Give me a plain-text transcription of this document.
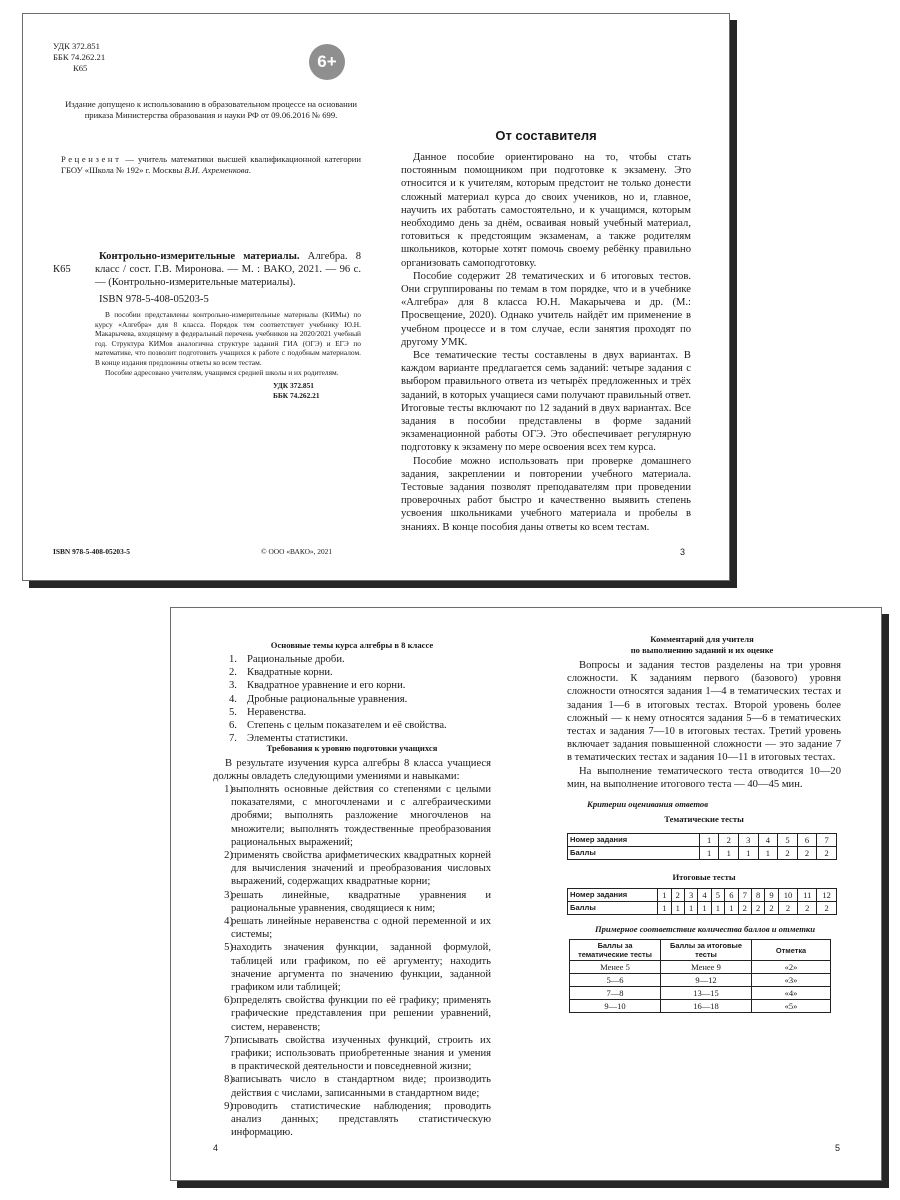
УДК 372.851
ББК 74.262.21
К65	6+
Издание допущено к использованию в образовательном процессе на основании приказа Министерства образования и науки РФ от 09.06.2016 № 699.
Рецензент — учитель математики высшей квалификационной категории ГБОУ «Школа № 192» г. Москвы В.И. Ахременкова.
Контрольно-измерительные материалы. Алгебра. 8 класс / сост. Г.В. Миронова. — М. : ВАКО, 2021. — 96 с. — (Контрольно-измерительные материалы).
К65
ISBN 978-5-408-05203-5

В пособии представлены контрольно-измерительные материалы (КИМы) по курсу «Алгебра» для 8 класса. Порядок тем соответствует учебнику Ю.Н. Макарычева, входящему в федеральный перечень учебников на 2020/2021 учебный год. Структура КИМов аналогична структуре заданий ГИА (ОГЭ) и ЕГЭ по математике, что позволит подготовить учащихся к работе с подобным материалом. В конце издания предложены ответы ко всем тестам.

Пособие адресовано учителям, учащимся средней школы и их родителям.

УДК 372.851
ББК 74.262.21
ISBN 978-5-408-05203-5	© ООО «ВАКО», 2021
От составителя

Данное пособие ориентировано на то, чтобы стать постоянным помощником при подготовке к экзамену. Это относится и к учителям, которым предстоит не только донести сложный материал курса до своих учеников, но и, главное, научить их работать самостоятельно, и к учащимся, которым необходимо день за днём, осваивая новый учебный материал, готовиться к предстоящим экзаменам, а также родителям школьников, которые хотят помочь своему ребёнку правильно организовать самоподготовку.

Пособие содержит 28 тематических и 6 итоговых тестов. Они сгруппированы по темам в том порядке, что и в учебнике «Алгебра» для 8 класса Ю.Н. Макарычева и др. (М.: Просвещение, 2020). Однако учитель найдёт им применение в учебном процессе и в том случае, если занятия проходят по другому УМК.

Все тематические тесты составлены в двух вариантах. В каждом варианте предлагается семь заданий: четыре задания с выбором правильного ответа из четырёх предложенных и трёх заданий, в которых учащиеся сами получают правильный ответ. Итоговые тесты включают по 12 заданий в двух вариантах. Все задания в пособии представлены в форме заданий экзаменационной работы ОГЭ. Это обеспечивает регулярную подготовку к экзамену по мере освоения всех тем курса.

Пособие можно использовать при проверке домашнего задания, закреплении и повторении учебного материала. Тестовые задания позволят преподавателям при проведении проверочных работ быстро и качественно выявить степень усвоения школьниками учебного материала и пробелы в знаниях. В конце пособия даны ответы ко всем тестам.

3
Основные темы курса алгебры в 8 классе
1. Рациональные дроби.
2. Квадратные корни.
3. Квадратное уравнение и его корни.
4. Дробные рациональные уравнения.
5. Неравенства.
6. Степень с целым показателем и её свойства.
7. Элементы статистики.
Требования к уровню подготовки учащихся
В результате изучения курса алгебры 8 класса учащиеся должны овладеть следующими умениями и навыками:
1)
выполнять основные действия со степенями с целыми показателями, с многочленами и с алгебраическими дробями; выполнять разложение многочленов на множители; выполнять тождественные преобразования рациональных выражений;
2)
применять свойства арифметических квадратных корней для вычисления значений и преобразования числовых выражений, содержащих квадратные корни;
3)
решать линейные, квадратные уравнения и рациональные уравнения, сводящиеся к ним;
4)
решать линейные неравенства с одной переменной и их системы;
5)
находить значения функции, заданной формулой, таблицей или графиком, по её аргументу; находить значение аргумента по значению функции, заданной графиком или таблицей;
6)
определять свойства функции по её графику; применять графические представления при решении уравнений, систем, неравенств;
7)
описывать свойства изученных функций, строить их графики; использовать приобретенные знания и умения в практической деятельности и повседневной жизни;
8)
записывать число в стандартном виде; производить действия с числами, записанными в стандартном виде;
9)
проводить статистические наблюдения; проводить анализ данных; представлять статистическую информацию.
4
Комментарий для учителя
по выполнению заданий и их оценке

Вопросы и задания тестов разделены на три уровня сложности. К заданиям первого (базового) уровня сложности относятся задания 1—4 в тематических тестах и задания 1—6 в итоговых тестах. Второй уровень более сложный — к нему относятся задания 5—6 в тематических тестах и задания 7—10 в итоговых тестах. Третий уровень включает задания повышенной сложности — это задание 7 в тематических тестах и задания 10—11 в итоговых тестах.

На выполнение тематического теста отводится 10—20 мин, на выполнение итогового теста — 40—45 мин.

Критерии оценивания ответов
Тематические тесты
Номер задания	1	2	3	4	5	6	7
Баллы	1	1	1	1	2	2	2
Итоговые тесты
Номер задания	1	2	3	4	5	6	7	8	9	10	11	12
Баллы	1	1	1	1	1	1	2	2	2	2	2	2
Примерное соответствие количества баллов и отметки
Баллы за тематические тесты	Баллы за итоговые тесты	Отметка
Менее 5	Менее 9	«2»
5—6	9—12	«3»
7—8	13—15	«4»
9—10	16—18	«5»
5
